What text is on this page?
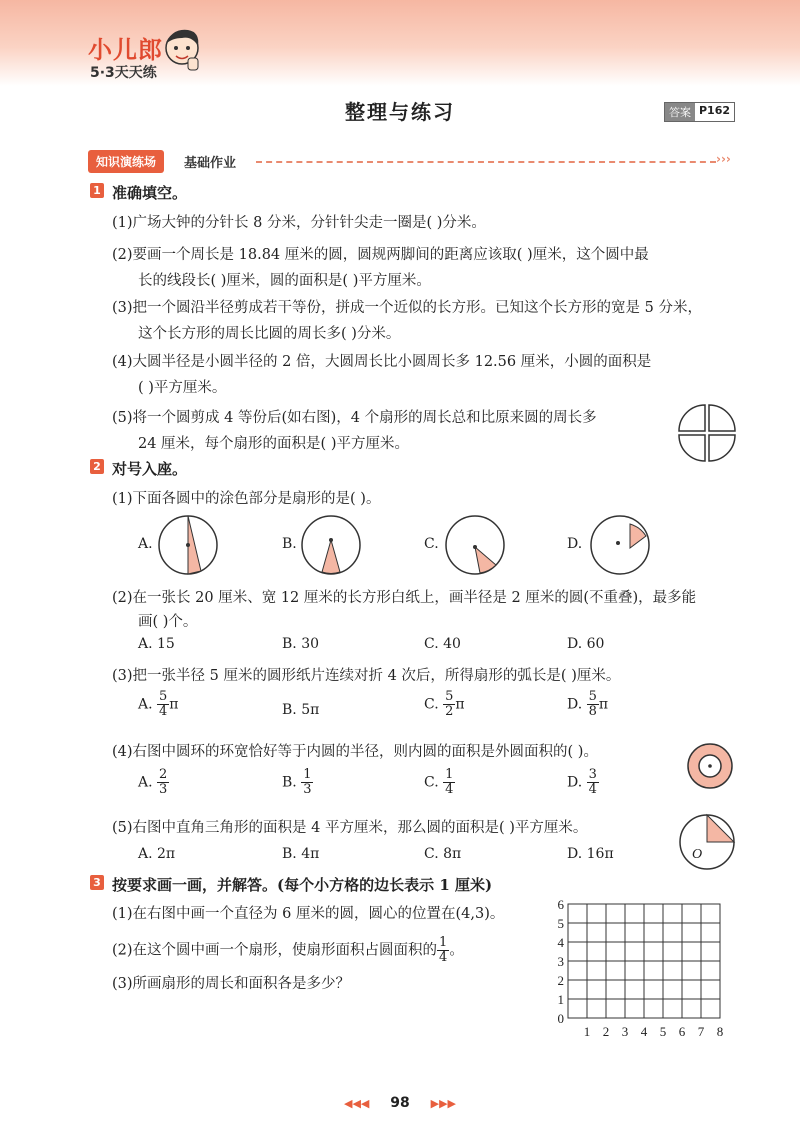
小儿郎
5·3天天练
整理与练习	答案 P162
知识演练场	基础作业	›››
1 准确填空。
(1)广场大钟的分针长 8 分米，分针针尖走一圈是( )分米。
(2)要画一个周长是 18.84 厘米的圆，圆规两脚间的距离应该取( )厘米，这个圆中最
长的线段长( )厘米，圆的面积是( )平方厘米。
(3)把一个圆沿半径剪成若干等份，拼成一个近似的长方形。已知这个长方形的宽是 5 分米，
这个长方形的周长比圆的周长多( )分米。
(4)大圆半径是小圆半径的 2 倍，大圆周长比小圆周长多 12.56 厘米，小圆的面积是
( )平方厘米。
(5)将一个圆剪成 4 等份后(如右图)，4 个扇形的周长总和比原来圆的周长多
24 厘米，每个扇形的面积是( )平方厘米。
2 对号入座。
(1)下面各圆中的涂色部分是扇形的是( )。
A.	B.	C.	D.
(2)在一张长 20 厘米、宽 12 厘米的长方形白纸上，画半径是 2 厘米的圆(不重叠)，最多能
画( )个。
A. 15	B. 30	C. 40	D. 60
(3)把一张半径 5 厘米的圆形纸片连续对折 4 次后，所得扇形的弧长是( )厘米。
A. $\frac{5}{4}$ π	B. 5π	C. $\frac{5}{2}$ π	D. $\frac{5}{8}$ π
(4)右图中圆环的环宽恰好等于内圆的半径，则内圆的面积是外圆面积的( )。
A. $\frac{2}{3}$	B. $\frac{1}{3}$	C. $\frac{1}{4}$	D. $\frac{3}{4}$
(5)右图中直角三角形的面积是 4 平方厘米，那么圆的面积是( )平方厘米。
O
A. 2π	B. 4π	C. 8π	D. 16π
3 按要求画一画，并解答。(每个小方格的边长表示 1 厘米)
(1)在右图中画一个直径为 6 厘米的圆，圆心的位置在(4,3)。
(2)在这个圆中画一个扇形，使扇形面积占圆面积的 $\frac{1}{4}$ 。
(3)所画扇形的周长和面积各是多少？
6
5
4
3
2
1
0
1 2 3 4 5 6 7 8
◀◀◀ 98 ▶▶▶
